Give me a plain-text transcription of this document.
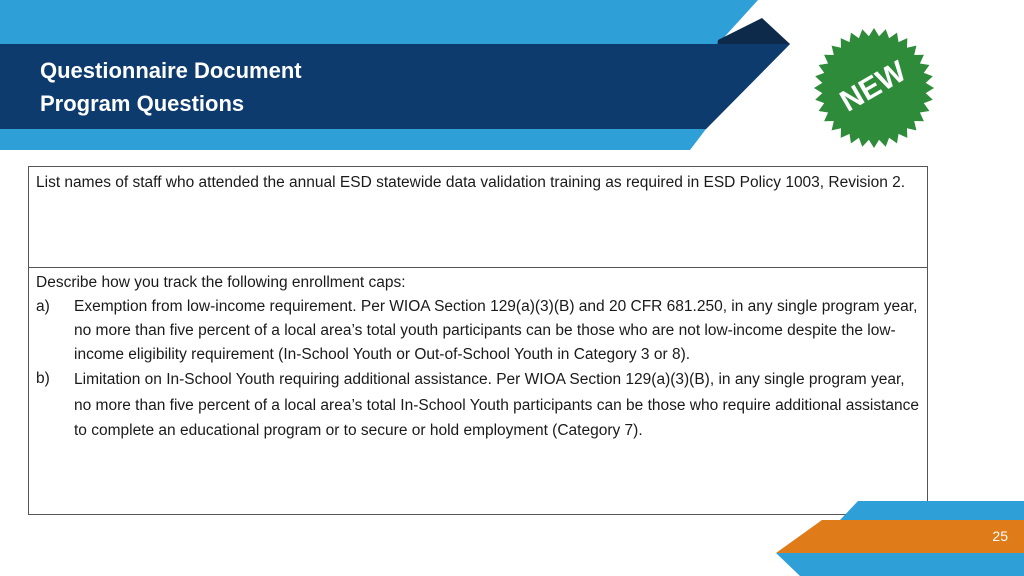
Questionnaire Document
Program Questions	NEW
List names of staff who attended the annual ESD statewide data validation training as required in ESD Policy 1003, Revision 2.
Describe how you track the following enrollment caps:
a)	Exemption from low-income requirement. Per WIOA Section 129(a)(3)(B) and 20 CFR 681.250, in any single program year, no more than five percent of a local area’s total youth participants can be those who are not low-income despite the low-income eligibility requirement (In-School Youth or Out-of-School Youth in Category 3 or 8).
b)	Limitation on In-School Youth requiring additional assistance. Per WIOA Section 129(a)(3)(B), in any single program year, no more than five percent of a local area’s total In-School Youth participants can be those who require additional assistance to complete an educational program or to secure or hold employment (Category 7).
25
